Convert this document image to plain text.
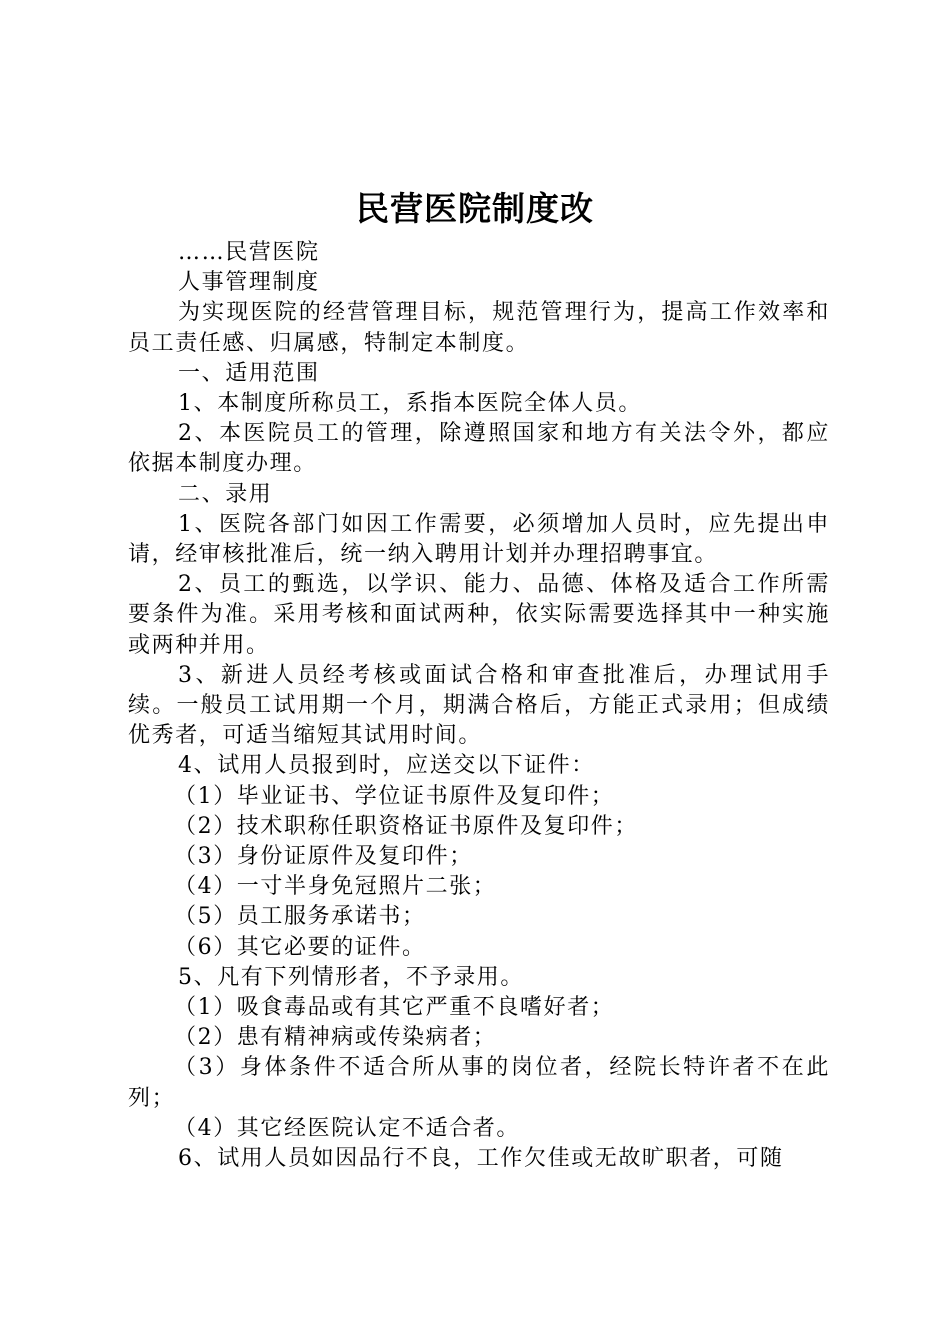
民营医院制度改

……民营医院

人事管理制度

为实现医院的经营管理目标，规范管理行为，提高工作效率和员工责任感、归属感，特制定本制度。

一、适用范围

1、本制度所称员工，系指本医院全体人员。

2、本医院员工的管理，除遵照国家和地方有关法令外，都应依据本制度办理。

二、录用

1、医院各部门如因工作需要，必须增加人员时，应先提出申请，经审核批准后，统一纳入聘用计划并办理招聘事宜。

2、员工的甄选，以学识、能力、品德、体格及适合工作所需要条件为准。采用考核和面试两种，依实际需要选择其中一种实施或两种并用。

3、新进人员经考核或面试合格和审查批准后，办理试用手续。一般员工试用期一个月，期满合格后，方能正式录用；但成绩优秀者，可适当缩短其试用时间。

4、试用人员报到时，应送交以下证件：

（1）毕业证书、学位证书原件及复印件；

（2）技术职称任职资格证书原件及复印件；

（3）身份证原件及复印件；

（4）一寸半身免冠照片二张；

（5）员工服务承诺书；

（6）其它必要的证件。

5、凡有下列情形者，不予录用。

（1）吸食毒品或有其它严重不良嗜好者；

（2）患有精神病或传染病者；

（3）身体条件不适合所从事的岗位者，经院长特许者不在此列；

（4）其它经医院认定不适合者。

6、试用人员如因品行不良，工作欠佳或无故旷职者，可随
